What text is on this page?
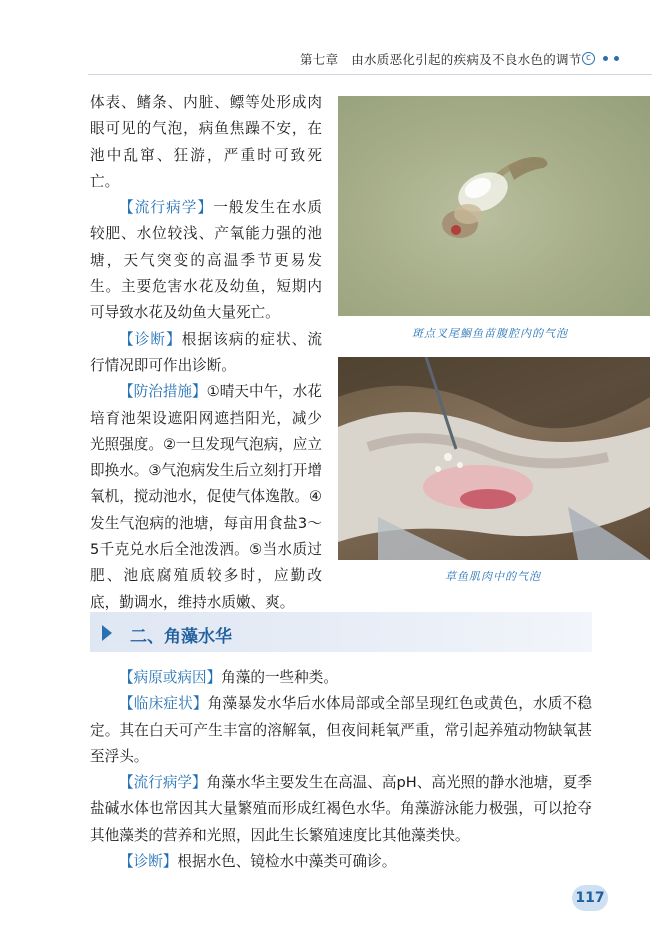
第七章　由水质恶化引起的疾病及不良水色的调节 c

体表、鳍条、内脏、鳔等处形成肉眼可见的气泡，病鱼焦躁不安，在池中乱窜、狂游，严重时可致死亡。

【流行病学】一般发生在水质较肥、水位较浅、产氧能力强的池塘，天气突变的高温季节更易发生。主要危害水花及幼鱼，短期内可导致水花及幼鱼大量死亡。

【诊断】根据该病的症状、流行情况即可作出诊断。

【防治措施】①晴天中午，水花培育池架设遮阳网遮挡阳光，减少光照强度。②一旦发现气泡病，应立即换水。③气泡病发生后立刻打开增氧机，搅动池水，促使气体逸散。④发生气泡病的池塘，每亩用食盐3～5千克兑水后全池泼洒。⑤当水质过肥、池底腐殖质较多时，应勤改底，勤调水，维持水质嫩、爽。

斑点叉尾鮰鱼苗腹腔内的气泡
草鱼肌肉中的气泡
二、角藻水华

【病原或病因】角藻的一些种类。

【临床症状】角藻暴发水华后水体局部或全部呈现红色或黄色，水质不稳定。其在白天可产生丰富的溶解氧，但夜间耗氧严重，常引起养殖动物缺氧甚至浮头。

【流行病学】角藻水华主要发生在高温、高pH、高光照的静水池塘，夏季盐碱水体也常因其大量繁殖而形成红褐色水华。角藻游泳能力极强，可以抢夺其他藻类的营养和光照，因此生长繁殖速度比其他藻类快。

【诊断】根据水色、镜检水中藻类可确诊。

117
